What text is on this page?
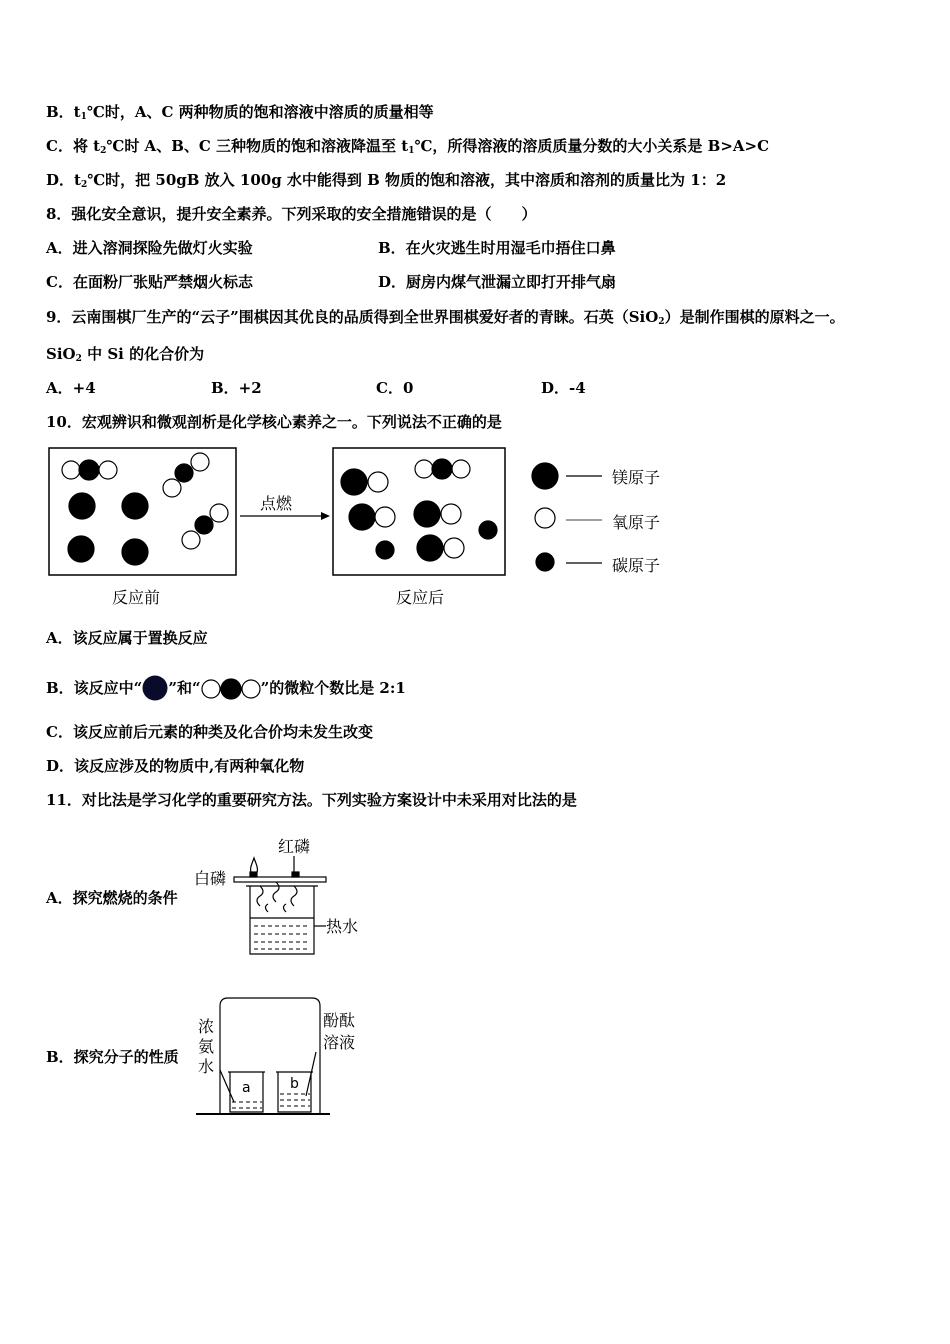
B．$t_1℃$时，A、C 两种物质的饱和溶液中溶质的质量相等
C．将 $t_2℃$时 A、B、C 三种物质的饱和溶液降温至 $t_1℃$，所得溶液的溶质质量分数的大小关系是 B>A>C
D．$t_2℃$时，把 50gB 放入 100g 水中能得到 B 物质的饱和溶液，其中溶质和溶剂的质量比为 1：2
8．强化安全意识，提升安全素养。下列采取的安全措施错误的是（　　）
A．进入溶洞探险先做灯火实验	B．在火灾逃生时用湿毛巾捂住口鼻
C．在面粉厂张贴严禁烟火标志	D．厨房内煤气泄漏立即打开排气扇
9．云南围棋厂生产的“云子”围棋因其优良的品质得到全世界围棋爱好者的青睐。石英（SiO$_2$）是制作围棋的原料之一。
SiO$_2$ 中 Si 的化合价为
A．+4	B．+2	C．0	D．-4
10．宏观辨识和微观剖析是化学核心素养之一。下列说法不正确的是
点燃
镁原子
氧原子
碳原子
反应前	反应后
A．该反应属于置换反应
B．该反应中“ ”和“	”的微粒个数比是 2:1
C．该反应前后元素的种类及化合价均未发生改变
D．该反应涉及的物质中,有两种氧化物
11．对比法是学习化学的重要研究方法。下列实验方案设计中未采用对比法的是
A．探究燃烧的条件
红磷
白磷
热水
B．探究分子的性质
浓
氨
水
酚酞
溶液
a	b
